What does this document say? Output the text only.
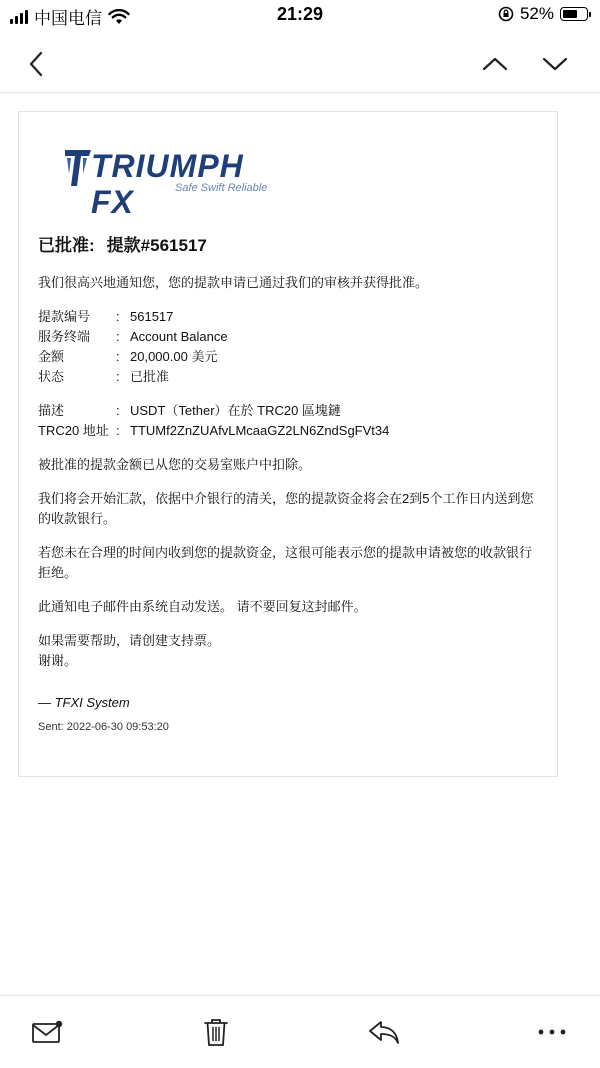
中国电信	21:29	52%
TRIUMPH FX	Safe Swift Reliable
已批准: 提款#561517

我们很高兴地通知您，您的提款申请已通过我们的审核并获得批准。

提款编号	: 561517
服务终端	: Account Balance
金额	: 20,000.00 美元
状态	: 已批准
描述	: USDT（Tether）在於 TRC20 區塊鏈
TRC20 地址 : TTUMf2ZnZUAfvLMcaaGZ2LN6ZndSgFVt34

被批准的提款金额已从您的交易室账户中扣除。

我们将会开始汇款，依据中介银行的清关，您的提款资金将会在2到5个工作日内送到您的收款银行。

若您未在合理的时间内收到您的提款资金，这很可能表示您的提款申请被您的收款银行拒绝。

此通知电子邮件由系统自动发送。 请不要回复这封邮件。

如果需要帮助，请创建支持票。
谢谢。
— TFXI System
Sent: 2022-06-30 09:53:20
